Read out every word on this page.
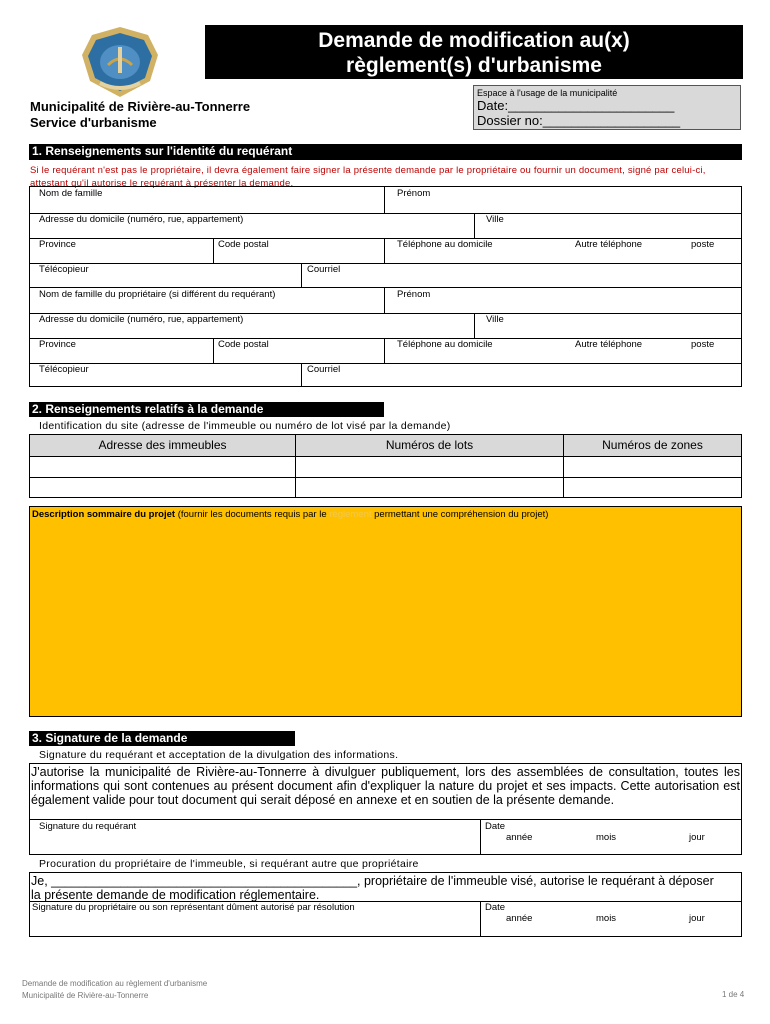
Demande de modification au(x)
règlement(s) d'urbanisme
Municipalité de Rivière-au-Tonnerre
Service d'urbanisme
Espace à l'usage de la municipalité
Date:_______________________
Dossier no:___________________
1. Renseignements sur l'identité du requérant
Si le requérant n'est pas le propriétaire, il devra également faire signer la présente demande par le propriétaire ou fournir un document, signé par celui-ci, attestant qu'il autorise le requérant à présenter la demande.
Nom de famille	Prénom
Adresse du domicile (numéro, rue, appartement)	Ville
Province	Code postal	Téléphone au domicile	Autre téléphone	poste
Télécopieur	Courriel
Nom de famille du propriétaire (si différent du requérant)	Prénom
Adresse du domicile (numéro, rue, appartement)	Ville
Province	Code postal	Téléphone au domicile	Autre téléphone	poste
Télécopieur	Courriel
2. Renseignements relatifs à la demande
Identification du site (adresse de l'immeuble ou numéro de lot visé par la demande)
Adresse des immeubles	Numéros de lots	Numéros de zones
Description sommaire du projet (fournir les documents requis par le règlement permettant une compréhension du projet)
3. Signature de la demande
Signature du requérant et acceptation de la divulgation des informations.
J'autorise la municipalité de Rivière-au-Tonnerre à divulguer publiquement, lors des assemblées de consultation, toutes les informations qui sont contenues au présent document afin d'expliquer la nature du projet et ses impacts. Cette autorisation est également valide pour tout document qui serait déposé en annexe et en soutien de la présente demande.
Signature du requérant	Date
année	mois	jour
Procuration du propriétaire de l'immeuble, si requérant autre que propriétaire
Je, ____________________________________________, propriétaire de l'immeuble visé, autorise le requérant à déposer
la présente demande de modification réglementaire.
Signature du propriétaire ou son représentant dûment autorisé par résolution	Date
année	mois	jour
Demande de modification au règlement d'urbanisme
Municipalité de Rivière-au-Tonnerre	1 de 4
